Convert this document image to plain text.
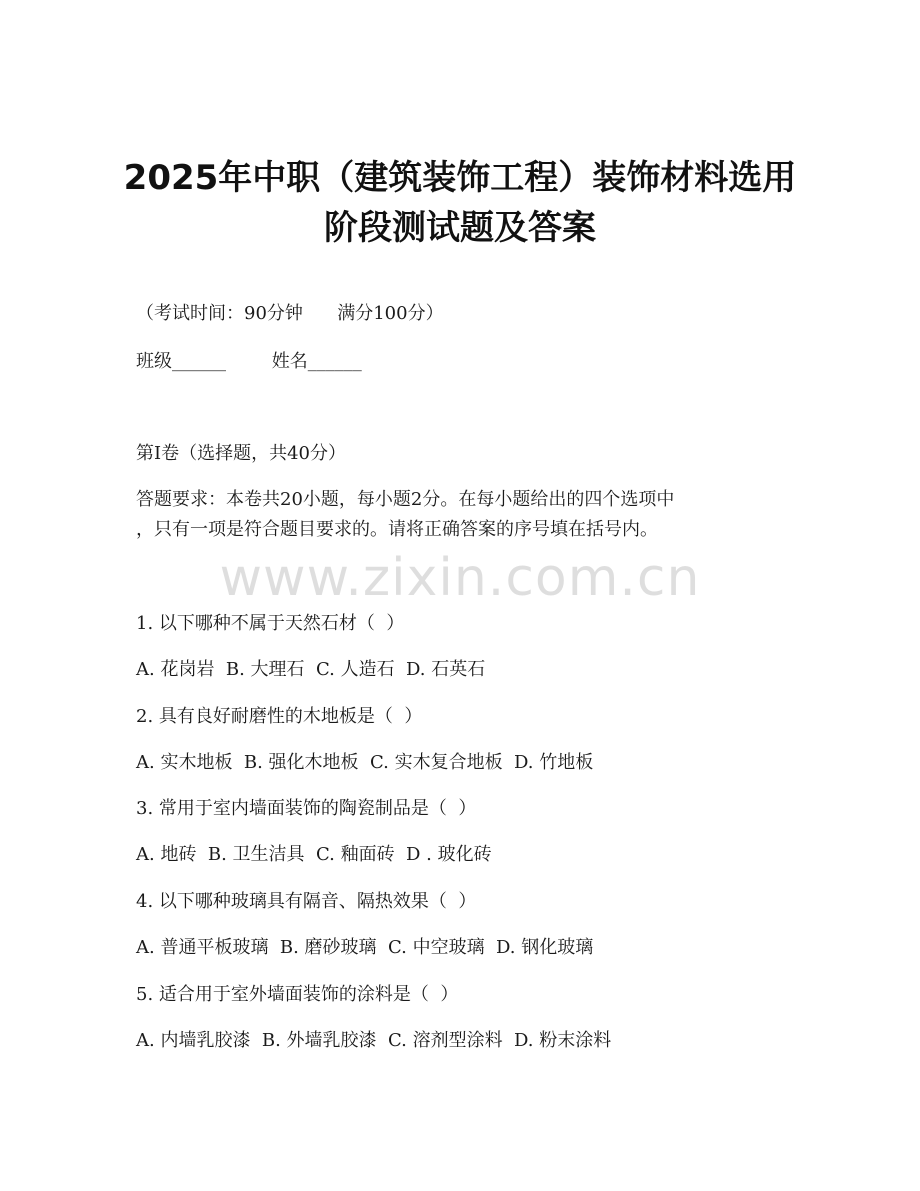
2025年中职（建筑装饰工程）装饰材料选用
阶段测试题及答案
（考试时间：90分钟      满分100分）
班级______        姓名______
第I卷（选择题，共40分）
答题要求：本卷共20小题，每小题2分。在每小题给出的四个选项中
，只有一项是符合题目要求的。请将正确答案的序号填在括号内。
www.zixin.com.cn
1. 以下哪种不属于天然石材（  ）
A. 花岗岩  B. 大理石  C. 人造石  D. 石英石
2. 具有良好耐磨性的木地板是（  ）
A. 实木地板  B. 强化木地板  C. 实木复合地板  D. 竹地板
3. 常用于室内墙面装饰的陶瓷制品是（  ）
A. 地砖  B. 卫生洁具  C. 釉面砖  D . 玻化砖
4. 以下哪种玻璃具有隔音、隔热效果（  ）
A. 普通平板玻璃  B. 磨砂玻璃  C. 中空玻璃  D. 钢化玻璃
5. 适合用于室外墙面装饰的涂料是（  ）
A. 内墙乳胶漆  B. 外墙乳胶漆  C. 溶剂型涂料  D. 粉末涂料
